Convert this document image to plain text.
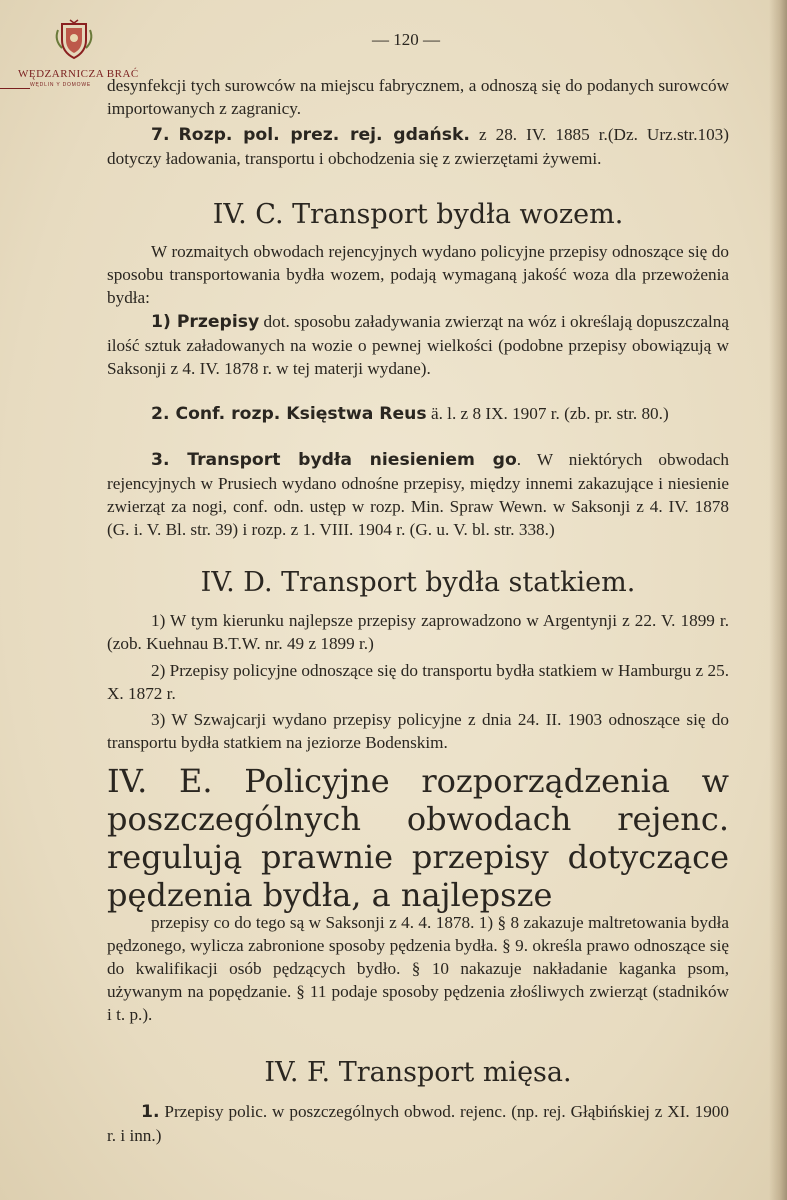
WĘDZARNICZA BRAĆ
WĘDLIN Y DOMOWE
— 120 —
desynfekcji tych surowców na miejscu fabrycznem, a odnoszą się do podanych surowców importowanych z zagranicy.
7. Rozp. pol. prez. rej. gdańsk. z 28. IV. 1885 r.(Dz. Urz.str.103) dotyczy ładowania, transportu i obchodzenia się z zwierzętami żywemi.
IV. C. Transport bydła wozem.
W rozmaitych obwodach rejencyjnych wydano policyjne przepisy odnoszące się do sposobu transportowania bydła wozem, podają wymaganą jakość woza dla przewożenia bydła:
1) Przepisy dot. sposobu załadywania zwierząt na wóz i określają dopuszczalną ilość sztuk załadowanych na wozie o pewnej wielkości (podobne przepisy obowiązują w Saksonji z 4. IV. 1878 r. w tej materji wydane).
2. Conf. rozp. Księstwa Reus ä. l. z 8 IX. 1907 r. (zb. pr. str. 80.)
3. Transport bydła niesieniem go. W niektórych obwodach rejencyjnych w Prusiech wydano odnośne przepisy, między innemi zakazujące i niesienie zwierząt za nogi, conf. odn. ustęp w rozp. Min. Spraw Wewn. w Saksonji z 4. IV. 1878 (G. i. V. Bl. str. 39) i rozp. z 1. VIII. 1904 r. (G. u. V. bl. str. 338.)
IV. D. Transport bydła statkiem.
1) W tym kierunku najlepsze przepisy zaprowadzono w Argentynji z 22. V. 1899 r. (zob. Kuehnau B.T.W. nr. 49 z 1899 r.)
2) Przepisy policyjne odnoszące się do transportu bydła statkiem w Hamburgu z 25. X. 1872 r.
3) W Szwajcarji wydano przepisy policyjne z dnia 24. II. 1903 odnoszące się do transportu bydła statkiem na jeziorze Bodenskim.
IV. E. Policyjne rozporządzenia w poszczególnych obwodach rejenc. regulują prawnie przepisy dotyczące pędzenia bydła, a najlepsze
przepisy co do tego są w Saksonji z 4. 4. 1878. 1) § 8 zakazuje maltretowania bydła pędzonego, wylicza zabronione sposoby pędzenia bydła. § 9. określa prawo odnoszące się do kwalifikacji osób pędzących bydło. § 10 nakazuje nakładanie kaganka psom, używanym na popędzanie. § 11 podaje sposoby pędzenia złośliwych zwierząt (stadników i t. p.).
IV. F. Transport mięsa.
1. Przepisy polic. w poszczególnych obwod. rejenc. (np. rej. Głąbińskiej z XI. 1900 r. i inn.)
